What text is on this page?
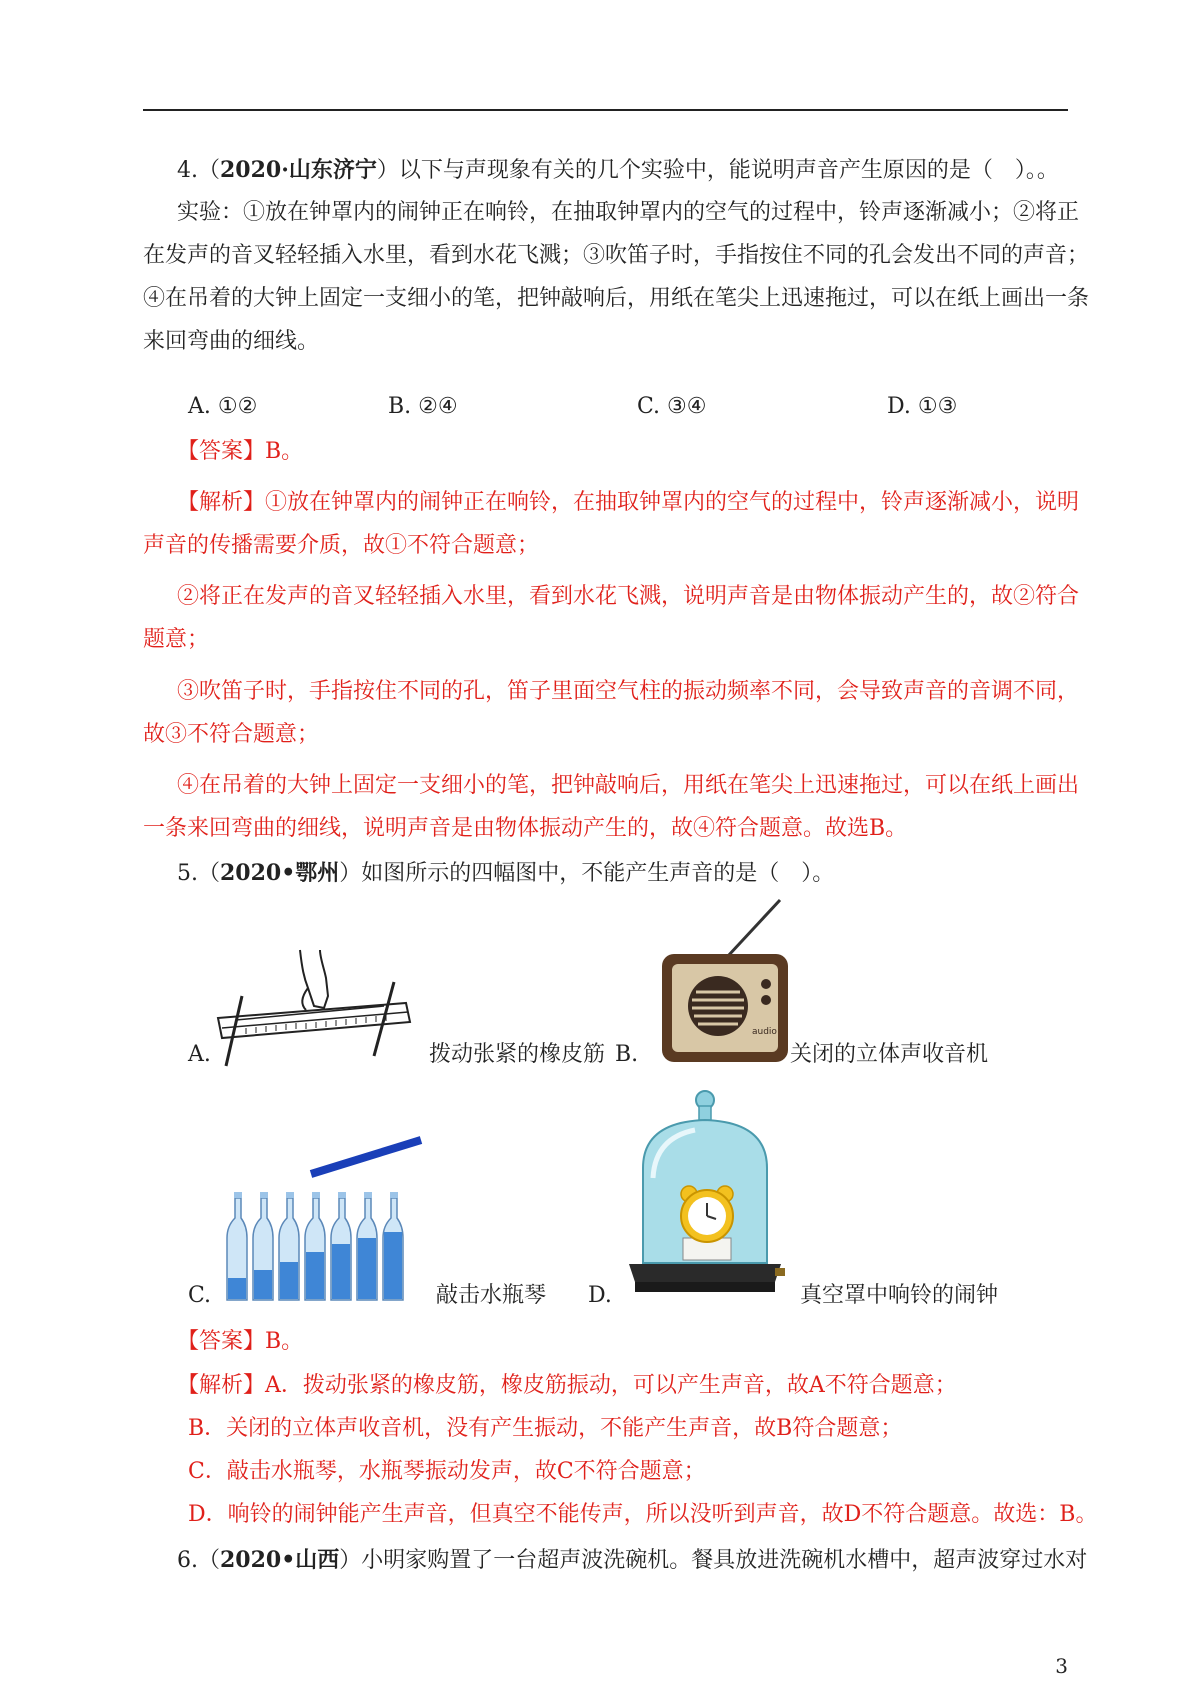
4.（2020·山东济宁）以下与声现象有关的几个实验中，能说明声音产生原因的是（　）。。
实验：①放在钟罩内的闹钟正在响铃，在抽取钟罩内的空气的过程中，铃声逐渐减小；②将正
在发声的音叉轻轻插入水里，看到水花飞溅；③吹笛子时，手指按住不同的孔会发出不同的声音；
④在吊着的大钟上固定一支细小的笔，把钟敲响后，用纸在笔尖上迅速拖过，可以在纸上画出一条
来回弯曲的细线。
A. ①②	B. ②④	C. ③④	D. ①③
【答案】B。
【解析】①放在钟罩内的闹钟正在响铃，在抽取钟罩内的空气的过程中，铃声逐渐减小，说明
声音的传播需要介质，故①不符合题意；
②将正在发声的音叉轻轻插入水里，看到水花飞溅，说明声音是由物体振动产生的，故②符合
题意；
③吹笛子时，手指按住不同的孔，笛子里面空气柱的振动频率不同，会导致声音的音调不同，
故③不符合题意；
④在吊着的大钟上固定一支细小的笔，把钟敲响后，用纸在笔尖上迅速拖过，可以在纸上画出
一条来回弯曲的细线，说明声音是由物体振动产生的，故④符合题意。故选B。
5.（2020•鄂州）如图所示的四幅图中，不能产生声音的是（　）。
A.	拨动张紧的橡皮筋
audio
B.	关闭的立体声收音机
C.	敲击水瓶琴 D.	真空罩中响铃的闹钟
【答案】B。
【解析】A．拨动张紧的橡皮筋，橡皮筋振动，可以产生声音，故A不符合题意；
B．关闭的立体声收音机，没有产生振动，不能产生声音，故B符合题意；
C．敲击水瓶琴，水瓶琴振动发声，故C不符合题意；
D．响铃的闹钟能产生声音，但真空不能传声，所以没听到声音，故D不符合题意。故选：B。
6.（2020•山西）小明家购置了一台超声波洗碗机。餐具放进洗碗机水槽中，超声波穿过水对
3
